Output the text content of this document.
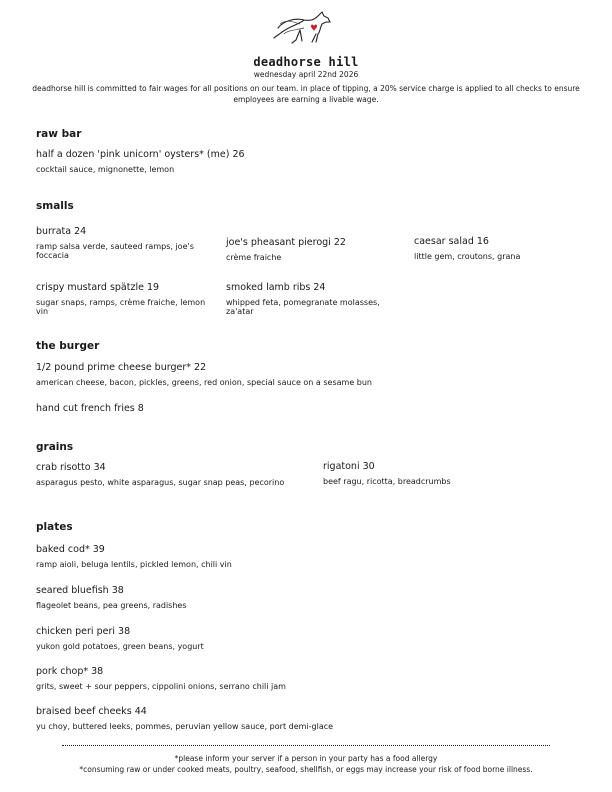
deadhorse hill
wednesday april 22nd 2026
deadhorse hill is committed to fair wages for all positions on our team. in place of tipping, a 20% service charge is applied to all checks to ensure employees are earning a livable wage.
raw bar
half a dozen 'pink unicorn' oysters* (me) 26
cocktail sauce, mignonette, lemon
smalls
burrata 24
ramp salsa verde, sauteed ramps, joe's foccacia
joe's pheasant pierogi 22
crème fraiche
caesar salad 16
little gem, croutons, grana
crispy mustard spätzle 19
sugar snaps, ramps, crème fraiche, lemon vin
smoked lamb ribs 24
whipped feta, pomegranate molasses, za'atar
the burger
1/2 pound prime cheese burger* 22
american cheese, bacon, pickles, greens, red onion, special sauce on a sesame bun
hand cut french fries 8
grains
crab risotto 34
asparagus pesto, white asparagus, sugar snap peas, pecorino
rigatoni 30
beef ragu, ricotta, breadcrumbs
plates
baked cod* 39
ramp aioli, beluga lentils, pickled lemon, chili vin
seared bluefish 38
flageolet beans, pea greens, radishes
chicken peri peri 38
yukon gold potatoes, green beans, yogurt
pork chop* 38
grits, sweet + sour peppers, cippolini onions, serrano chili jam
braised beef cheeks 44
yu choy, buttered leeks, pommes, peruvian yellow sauce, port demi-glace
*please inform your server if a person in your party has a food allergy
*consuming raw or under cooked meats, poultry, seafood, shellfish, or eggs may increase your risk of food borne illness.
